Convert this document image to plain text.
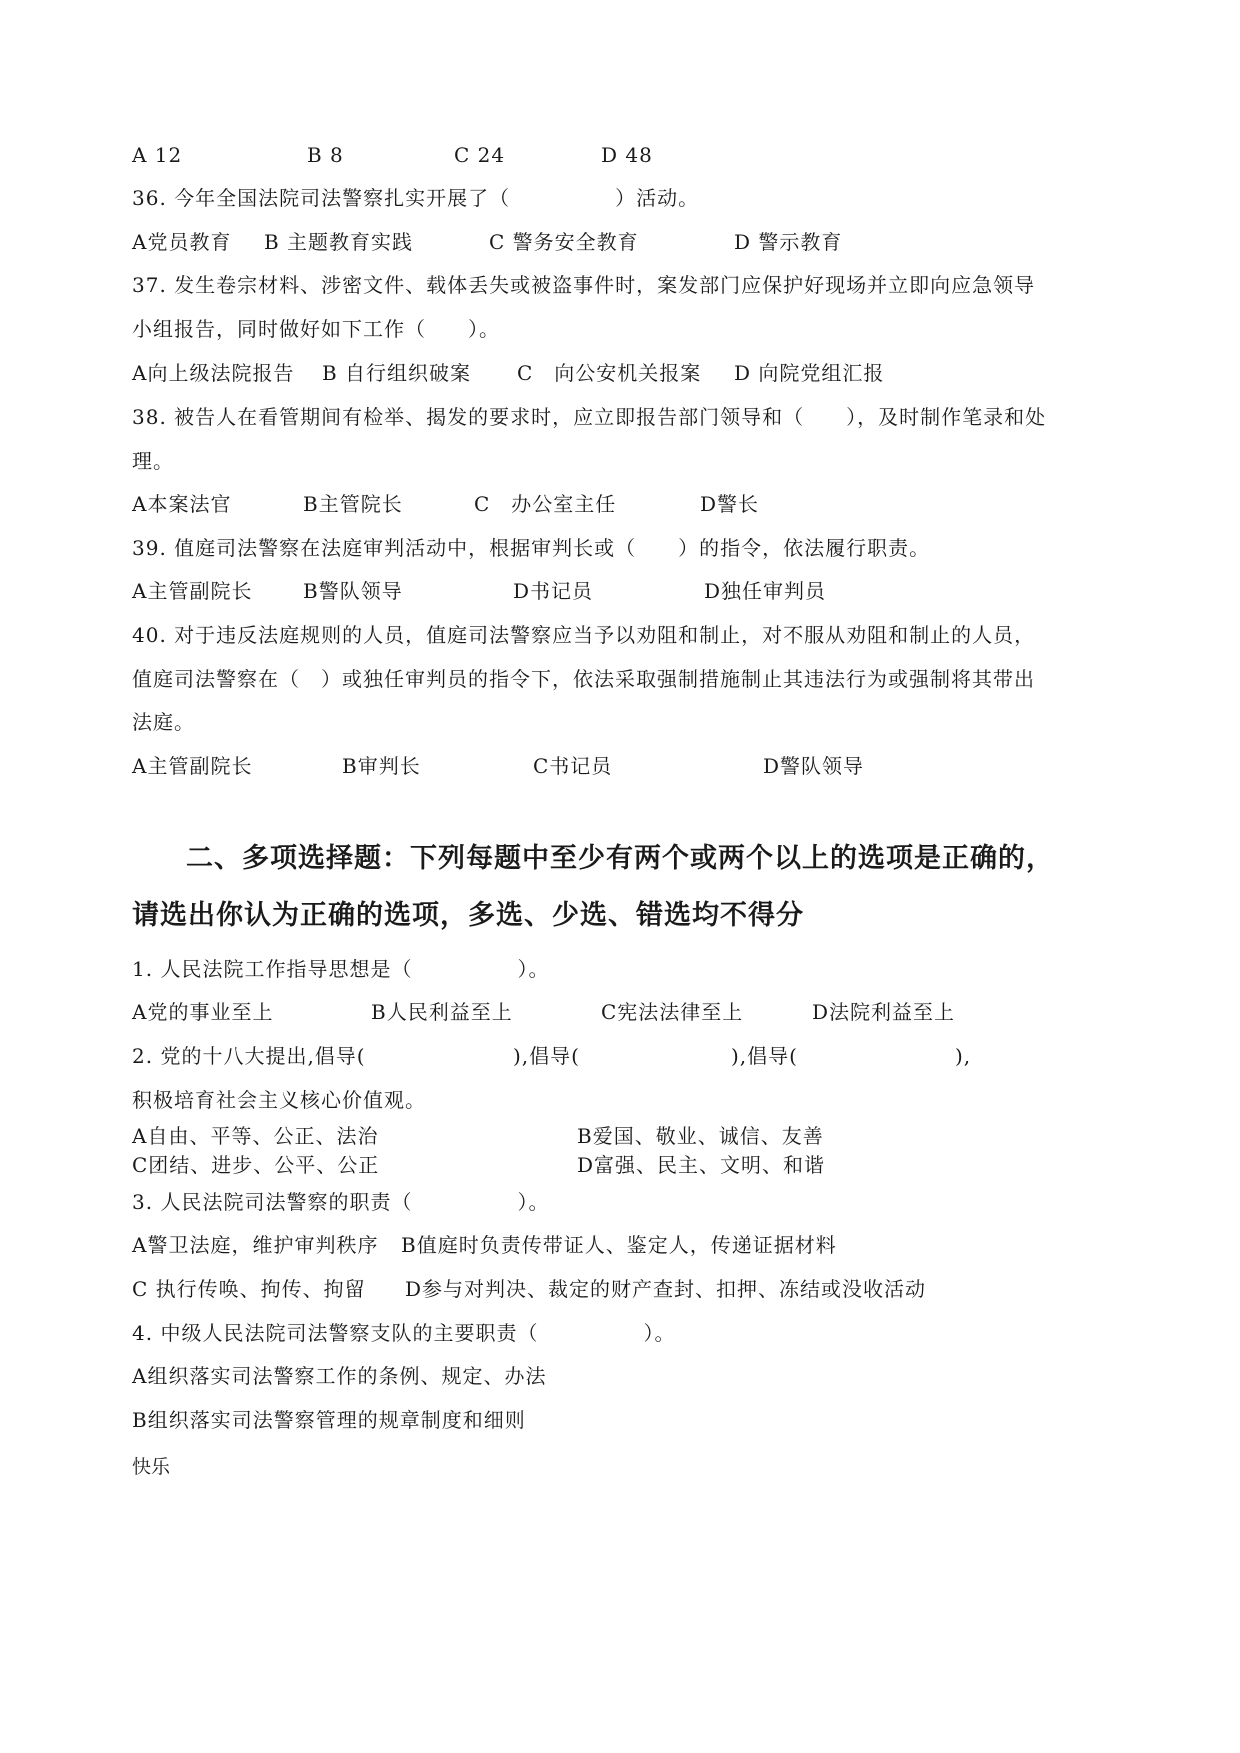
A 12	B 8	C 24	D 48
36. 今年全国法院司法警察扎实开展了（　　　　　）活动。
A党员教育 B 主题教育实践	C 警务安全教育	D 警示教育
37. 发生卷宗材料、涉密文件、载体丢失或被盗事件时，案发部门应保护好现场并立即向应急领导
小组报告，同时做好如下工作（　　）。
A向上级法院报告 B 自行组织破案 C　向公安机关报案 D 向院党组汇报
38. 被告人在看管期间有检举、揭发的要求时，应立即报告部门领导和（　　），及时制作笔录和处
理。
A本案法官	B主管院长	C　办公室主任	D警长
39. 值庭司法警察在法庭审判活动中，根据审判长或（　　）的指令，依法履行职责。
A主管副院长	B警队领导	D书记员	D独任审判员
40. 对于违反法庭规则的人员，值庭司法警察应当予以劝阻和制止，对不服从劝阻和制止的人员，
值庭司法警察在（　）或独任审判员的指令下，依法采取强制措施制止其违法行为或强制将其带出
法庭。
A主管副院长	B审判长	C书记员	D警队领导
二、多项选择题：下列每题中至少有两个或两个以上的选项是正确的，
请选出你认为正确的选项，多选、少选、错选均不得分
1. 人民法院工作指导思想是（　　　　　）。
A党的事业至上	B人民利益至上	C宪法法律至上	D法院利益至上
2. 党的十八大提出,倡导(	),倡导(	),倡导(	),
积极培育社会主义核心价值观。
A自由、平等、公正、法治	B爱国、敬业、诚信、友善
C团结、进步、公平、公正	D富强、民主、文明、和谐
3. 人民法院司法警察的职责（　　　　　）。
A警卫法庭，维护审判秩序 B值庭时负责传带证人、鉴定人，传递证据材料
C 执行传唤、拘传、拘留 D参与对判决、裁定的财产查封、扣押、冻结或没收活动
4. 中级人民法院司法警察支队的主要职责（　　　　　）。
A组织落实司法警察工作的条例、规定、办法
B组织落实司法警察管理的规章制度和细则
快乐
